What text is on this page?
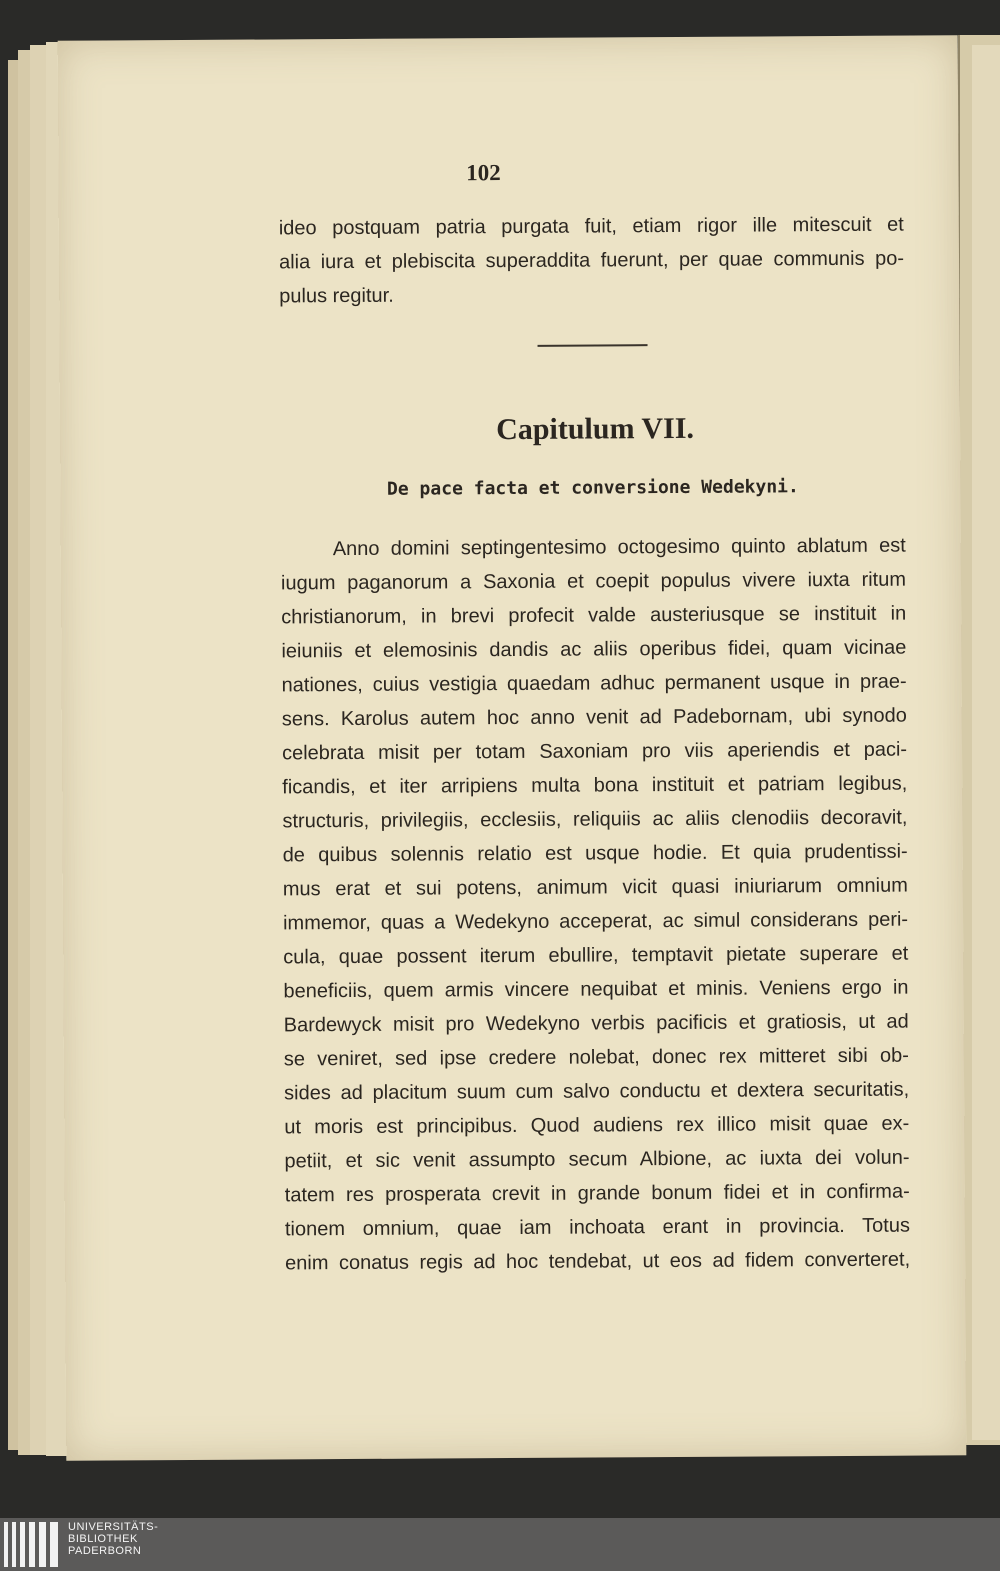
102
ideo postquam patria purgata fuit, etiam rigor ille mitescuit et
alia iura et plebiscita superaddita fuerunt, per quae communis po-
pulus regitur.
Capitulum VII.
De pace facta et conversione Wedekyni.
Anno domini septingentesimo octogesimo quinto ablatum est
iugum paganorum a Saxonia et coepit populus vivere iuxta ritum
christianorum, in brevi profecit valde austeriusque se instituit in
ieiuniis et elemosinis dandis ac aliis operibus fidei, quam vicinae
nationes, cuius vestigia quaedam adhuc permanent usque in prae-
sens. Karolus autem hoc anno venit ad Padebornam, ubi synodo
celebrata misit per totam Saxoniam pro viis aperiendis et paci-
ficandis, et iter arripiens multa bona instituit et patriam legibus,
structuris, privilegiis, ecclesiis, reliquiis ac aliis clenodiis decoravit,
de quibus solennis relatio est usque hodie. Et quia prudentissi-
mus erat et sui potens, animum vicit quasi iniuriarum omnium
immemor, quas a Wedekyno acceperat, ac simul considerans peri-
cula, quae possent iterum ebullire, temptavit pietate superare et
beneficiis, quem armis vincere nequibat et minis. Veniens ergo in
Bardewyck misit pro Wedekyno verbis pacificis et gratiosis, ut ad
se veniret, sed ipse credere nolebat, donec rex mitteret sibi ob-
sides ad placitum suum cum salvo conductu et dextera securitatis,
ut moris est principibus. Quod audiens rex illico misit quae ex-
petiit, et sic venit assumpto secum Albione, ac iuxta dei volun-
tatem res prosperata crevit in grande bonum fidei et in confirma-
tionem omnium, quae iam inchoata erant in provincia. Totus
enim conatus regis ad hoc tendebat, ut eos ad fidem converteret,
UNIVERSITÄTS-
BIBLIOTHEK
PADERBORN
